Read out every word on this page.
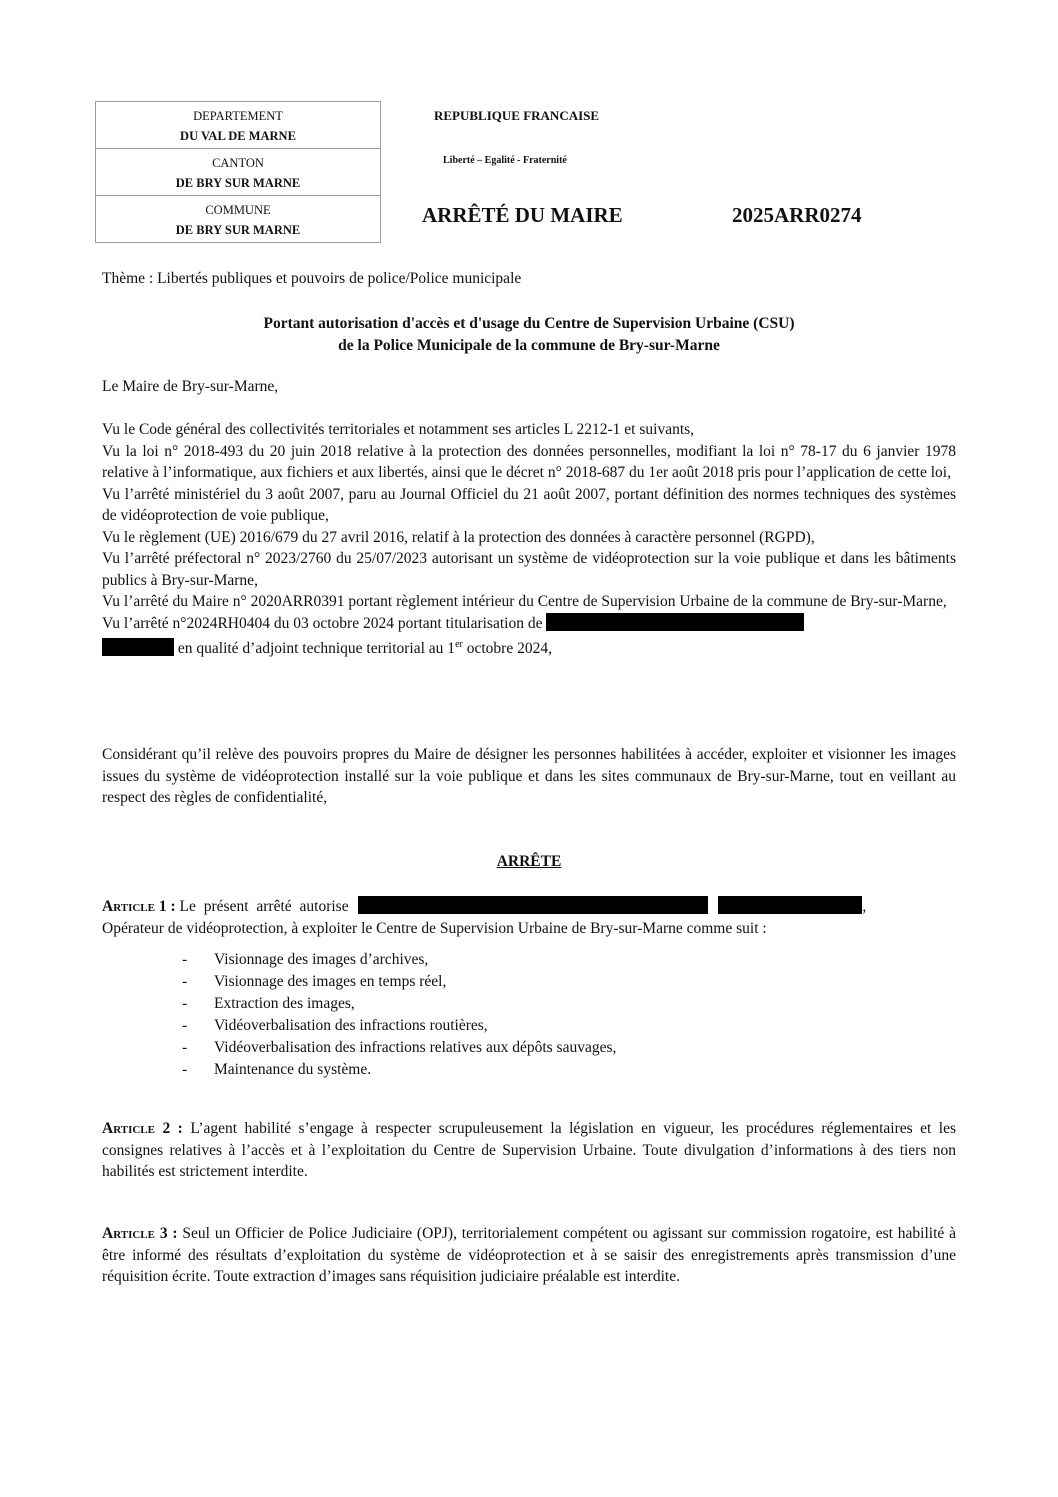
DEPARTEMENT
DU VAL DE MARNE

CANTON
DE BRY SUR MARNE

COMMUNE
DE BRY SUR MARNE
REPUBLIQUE FRANCAISE
Liberté – Egalité - Fraternité
ARRÊTÉ DU MAIRE	2025ARR0274
Thème : Libertés publiques et pouvoirs de police/Police municipale
Portant autorisation d'accès et d'usage du Centre de Supervision Urbaine (CSU)
de la Police Municipale de la commune de Bry-sur-Marne
Le Maire de Bry-sur-Marne,

Vu le Code général des collectivités territoriales et notamment ses articles L 2212-1 et suivants,

Vu la loi n° 2018-493 du 20 juin 2018 relative à la protection des données personnelles, modifiant la loi n° 78-17 du 6 janvier 1978 relative à l’informatique, aux fichiers et aux libertés, ainsi que le décret n° 2018-687 du 1er août 2018 pris pour l’application de cette loi,

Vu l’arrêté ministériel du 3 août 2007, paru au Journal Officiel du 21 août 2007, portant définition des normes techniques des systèmes de vidéoprotection de voie publique,

Vu le règlement (UE) 2016/679 du 27 avril 2016, relatif à la protection des données à caractère personnel (RGPD),

Vu l’arrêté préfectoral n° 2023/2760 du 25/07/2023 autorisant un système de vidéoprotection sur la voie publique et dans les bâtiments publics à Bry-sur-Marne,

Vu l’arrêté du Maire n° 2020ARR0391 portant règlement intérieur du Centre de Supervision Urbaine de la commune de Bry-sur-Marne,

Vu l’arrêté n°2024RH0404 du 03 octobre 2024 portant titularisation de
en qualité d’adjoint technique territorial au 1er octobre 2024,

Considérant qu’il relève des pouvoirs propres du Maire de désigner les personnes habilitées à accéder, exploiter et visionner les images issues du système de vidéoprotection installé sur la voie publique et dans les sites communaux de Bry-sur-Marne, tout en veillant au respect des règles de confidentialité,
ARRÊTE
Article 1 : Le présent arrêté autorise	,
Opérateur de vidéoprotection, à exploiter le Centre de Supervision Urbaine de Bry-sur-Marne comme suit :
- Visionnage des images d’archives,
- Visionnage des images en temps réel,
- Extraction des images,
- Vidéoverbalisation des infractions routières,
- Vidéoverbalisation des infractions relatives aux dépôts sauvages,
- Maintenance du système.
Article 2 : L’agent habilité s’engage à respecter scrupuleusement la législation en vigueur, les procédures réglementaires et les consignes relatives à l’accès et à l’exploitation du Centre de Supervision Urbaine. Toute divulgation d’informations à des tiers non habilités est strictement interdite.
Article 3 : Seul un Officier de Police Judiciaire (OPJ), territorialement compétent ou agissant sur commission rogatoire, est habilité à être informé des résultats d’exploitation du système de vidéoprotection et à se saisir des enregistrements après transmission d’une réquisition écrite. Toute extraction d’images sans réquisition judiciaire préalable est interdite.
